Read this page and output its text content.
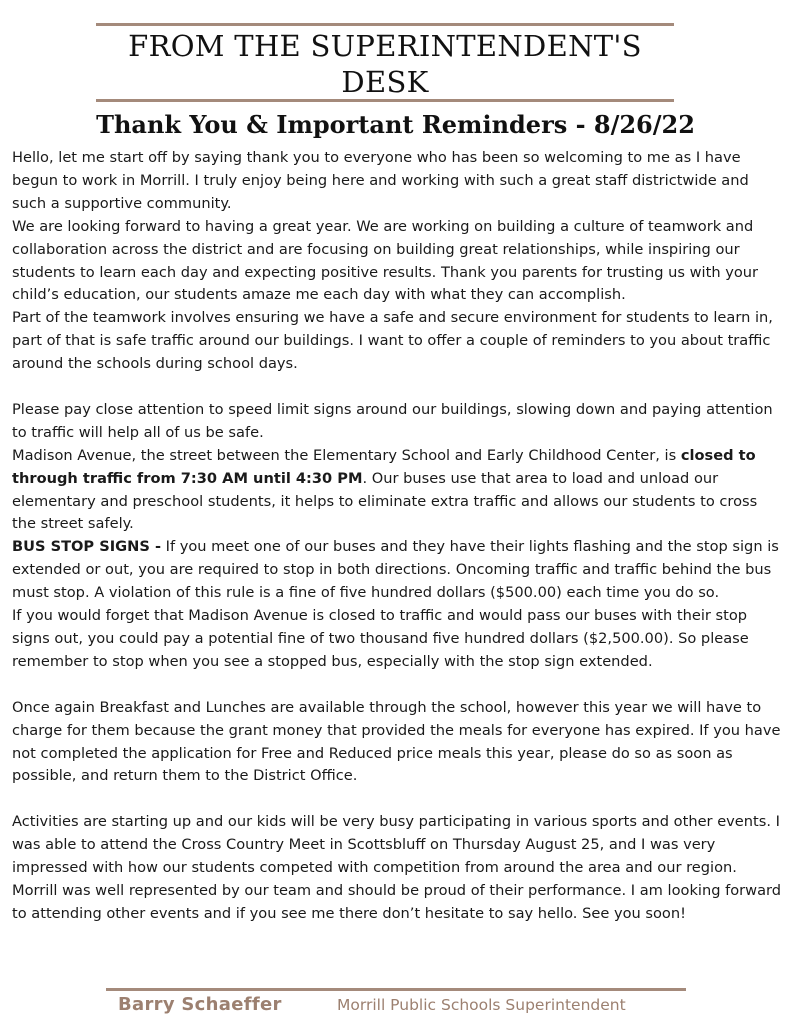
FROM THE SUPERINTENDENT'S DESK
Thank You & Important Reminders - 8/26/22

Hello, let me start off by saying thank you to everyone who has been so welcoming to me as I have begun to work in Morrill. I truly enjoy being here and working with such a great staff districtwide and such a supportive community.

We are looking forward to having a great year. We are working on building a culture of teamwork and collaboration across the district and are focusing on building great relationships, while inspiring our students to learn each day and expecting positive results. Thank you parents for trusting us with your child’s education, our students amaze me each day with what they can accomplish.

Part of the teamwork involves ensuring we have a safe and secure environment for students to learn in, part of that is safe traffic around our buildings. I want to offer a couple of reminders to you about traffic around the schools during school days.

Please pay close attention to speed limit signs around our buildings, slowing down and paying attention to traffic will help all of us be safe.

Madison Avenue, the street between the Elementary School and Early Childhood Center, is closed to through traffic from 7:30 AM until 4:30 PM. Our buses use that area to load and unload our elementary and preschool students, it helps to eliminate extra traffic and allows our students to cross the street safely.

BUS STOP SIGNS - If you meet one of our buses and they have their lights flashing and the stop sign is extended or out, you are required to stop in both directions. Oncoming traffic and traffic behind the bus must stop. A violation of this rule is a fine of five hundred dollars ($500.00) each time you do so.

If you would forget that Madison Avenue is closed to traffic and would pass our buses with their stop signs out, you could pay a potential fine of two thousand five hundred dollars ($2,500.00). So please remember to stop when you see a stopped bus, especially with the stop sign extended.

Once again Breakfast and Lunches are available through the school, however this year we will have to charge for them because the grant money that provided the meals for everyone has expired. If you have not completed the application for Free and Reduced price meals this year, please do so as soon as possible, and return them to the District Office.

Activities are starting up and our kids will be very busy participating in various sports and other events. I was able to attend the Cross Country Meet in Scottsbluff on Thursday August 25, and I was very impressed with how our students competed with competition from around the area and our region. Morrill was well represented by our team and should be proud of their performance. I am looking forward to attending other events and if you see me there don’t hesitate to say hello. See you soon!

Barry Schaeffer	Morrill Public Schools Superintendent
